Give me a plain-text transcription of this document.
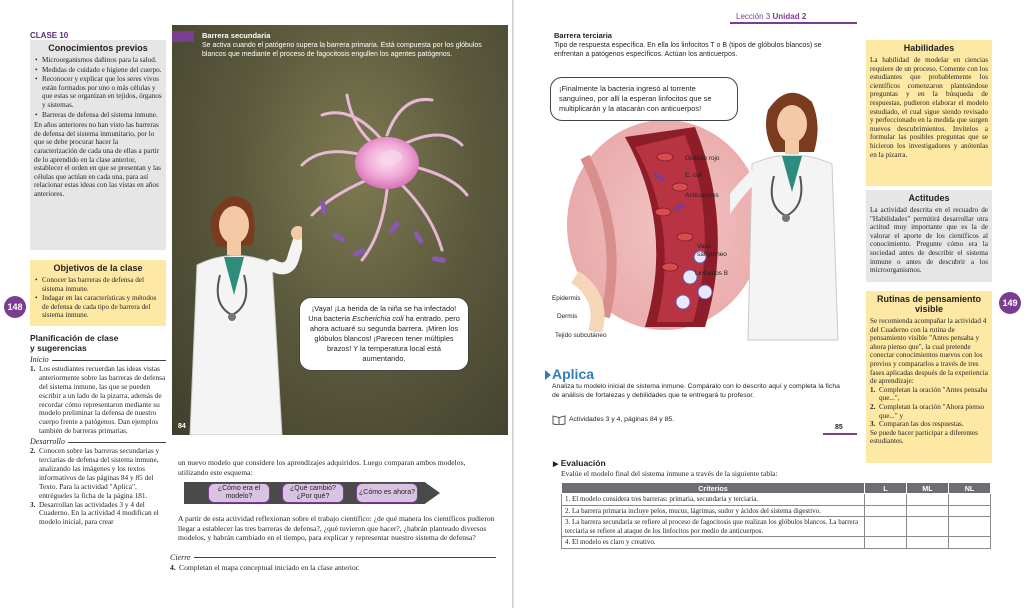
148
CLASE 10
Conocimientos previos
• Microorganismos dañinos para la salud.
• Medidas de cuidado e higiene del cuerpo.
• Reconocer y explicar que los seres vivos están formados por uno o más células y que estas se organizan en tejidos, órganos y sistemas.
• Barreras de defensa del sistema inmune.

En años anteriores no han visto las barreras de defensa del sistema inmunitario, por lo que se debe procurar hacer la caracterización de cada una de ellas a partir de lo aprendido en la clase anterior, establecer el orden en que se presentan y las células que actúan en cada una, para así relacionar estas ideas con las vistas en años anteriores.

Objetivos de la clase
• Conocer las barreras de defensa del sistema inmune.
• Indagar en las características y métodos de defensa de cada tipo de barrera del sistema inmune.
Planificación de clase
y sugerencias
Inicio
1. Los estudiantes recuerdan las ideas vistas anteriormente sobre las barreras de defensa del sistema inmune, las que se pueden escribir a un lado de la pizarra, además de recordar cómo representaron mediante su modelo preliminar la defensa de nuestro cuerpo frente a patógenos. Dan ejemplos también de barreras primarias.
Desarrollo
2. Conocen sobre las barreras secundarias y terciarias de defensa del sistema inmune, analizando las imágenes y los textos informativos de las páginas 84 y 85 del Texto. Para la actividad "Aplica", entrégueles la ficha de la página 181.
3. Desarrollan las actividades 3 y 4 del Cuaderno. En la actividad 4 modifican el modelo inicial, para crear
Barrera secundaria
Se activa cuando el patógeno supera la barrera primaria. Está compuesta por los glóbulos blancos que mediante el proceso de fagocitosis engullen los agentes patógenos.
¡Vaya! ¡La herida de la niña se ha infectado! Una bacteria Escherichia coli ha entrado, pero ahora actuaré su segunda barrera. ¡Miren los glóbulos blancos! ¡Parecen tener múltiples brazos! Y la temperatura local está aumentando.
84
un nuevo modelo que considere los aprendizajes adquiridos. Luego comparan ambos modelos, utilizando este esquema:
¿Cómo era el modelo?
¿Qué cambió? ¿Por qué?
¿Cómo es ahora?
A partir de esta actividad reflexionan sobre el trabajo científico: ¿de qué manera los científicos pudieron llegar a establecer las tres barreras de defensa?, ¿qué tuvieron que hacer?, ¿habrán planteado diversos modelos, y habrán cambiado en el tiempo, para explicar y representar nuestro sistema de defensa?
Cierre
4. Completan el mapa conceptual iniciado en la clase anterior.
Lección 3 Unidad 2
149
Barrera terciaria
Tipo de respuesta específica. En ella los linfocitos T o B (tipos de glóbulos blancos) se enfrentan a patógenos específicos. Actúan los anticuerpos.
¡Finalmente la bacteria ingresó al torrente sanguíneo, por allí la esperan linfocitos que se multiplicarán y la atacarán con anticuerpos!
Glóbulo rojo
E. coli
Anticuerpos
Vaso sanguíneo
Linfocitos B
Epidermis
Dermis
Tejido subcutáneo
Analiza tu modelo inicial de sistema inmune. Compáralo con lo descrito aquí y completa la ficha de análisis de fortalezas y debilidades que te entregará tu profesor.
Actividades 3 y 4, páginas 84 y 85.
85
Aplica
▶ Evaluación
Evalúe el modelo final del sistema inmune a través de la siguiente tabla:
Criterios	L	ML	NL
1. El modelo considera tres barreras: primaria, secundaria y terciaria.			
2. La barrera primaria incluye pelos, mucus, lágrimas, sudor y ácidos del sistema digestivo.			
3. La barrera secundaria se refiere al proceso de fagocitosis que realizan los glóbulos blancos. La barrera terciaria se refiere al ataque de los linfocitos por medio de anticuerpos.			
4. El modelo es claro y creativo.			
Habilidades
La habilidad de modelar en ciencias requiere de un proceso. Comente con los estudiantes que probablemente los científicos comenzaron planteándose preguntas y en la búsqueda de respuestas, pudieron elaborar el modelo estudiado, el cual sigue siendo revisado y perfeccionado en la medida que surgen nuevos descubrimientos. Invítelos a formular las posibles preguntas que se hicieron los investigadores y anótenlas en la pizarra.
Actitudes
La actividad descrita en el recuadro de "Habilidades" permitirá desarrollar otra actitud muy importante que es la de valorar el aporte de los científicos al conocimiento. Pregunte cómo era la sociedad antes de describir el sistema inmune o antes de descubrir a los microorganismos.
Rutinas de pensamiento visible

Se recomienda acompañar la actividad 4 del Cuaderno con la rutina de pensamiento visible "Antes pensaba y ahora pienso que", la cual pretende conectar conocimientos nuevos con los previos y compararlos a través de tres fases aplicadas después de la experiencia de aprendizaje:

1. Completan la oración "Antes pensaba que...",
2. Completan la oración "Ahora pienso que..." y
3. Comparan las dos respuestas.

Se puede hacer participar a diferentes estudiantes.
